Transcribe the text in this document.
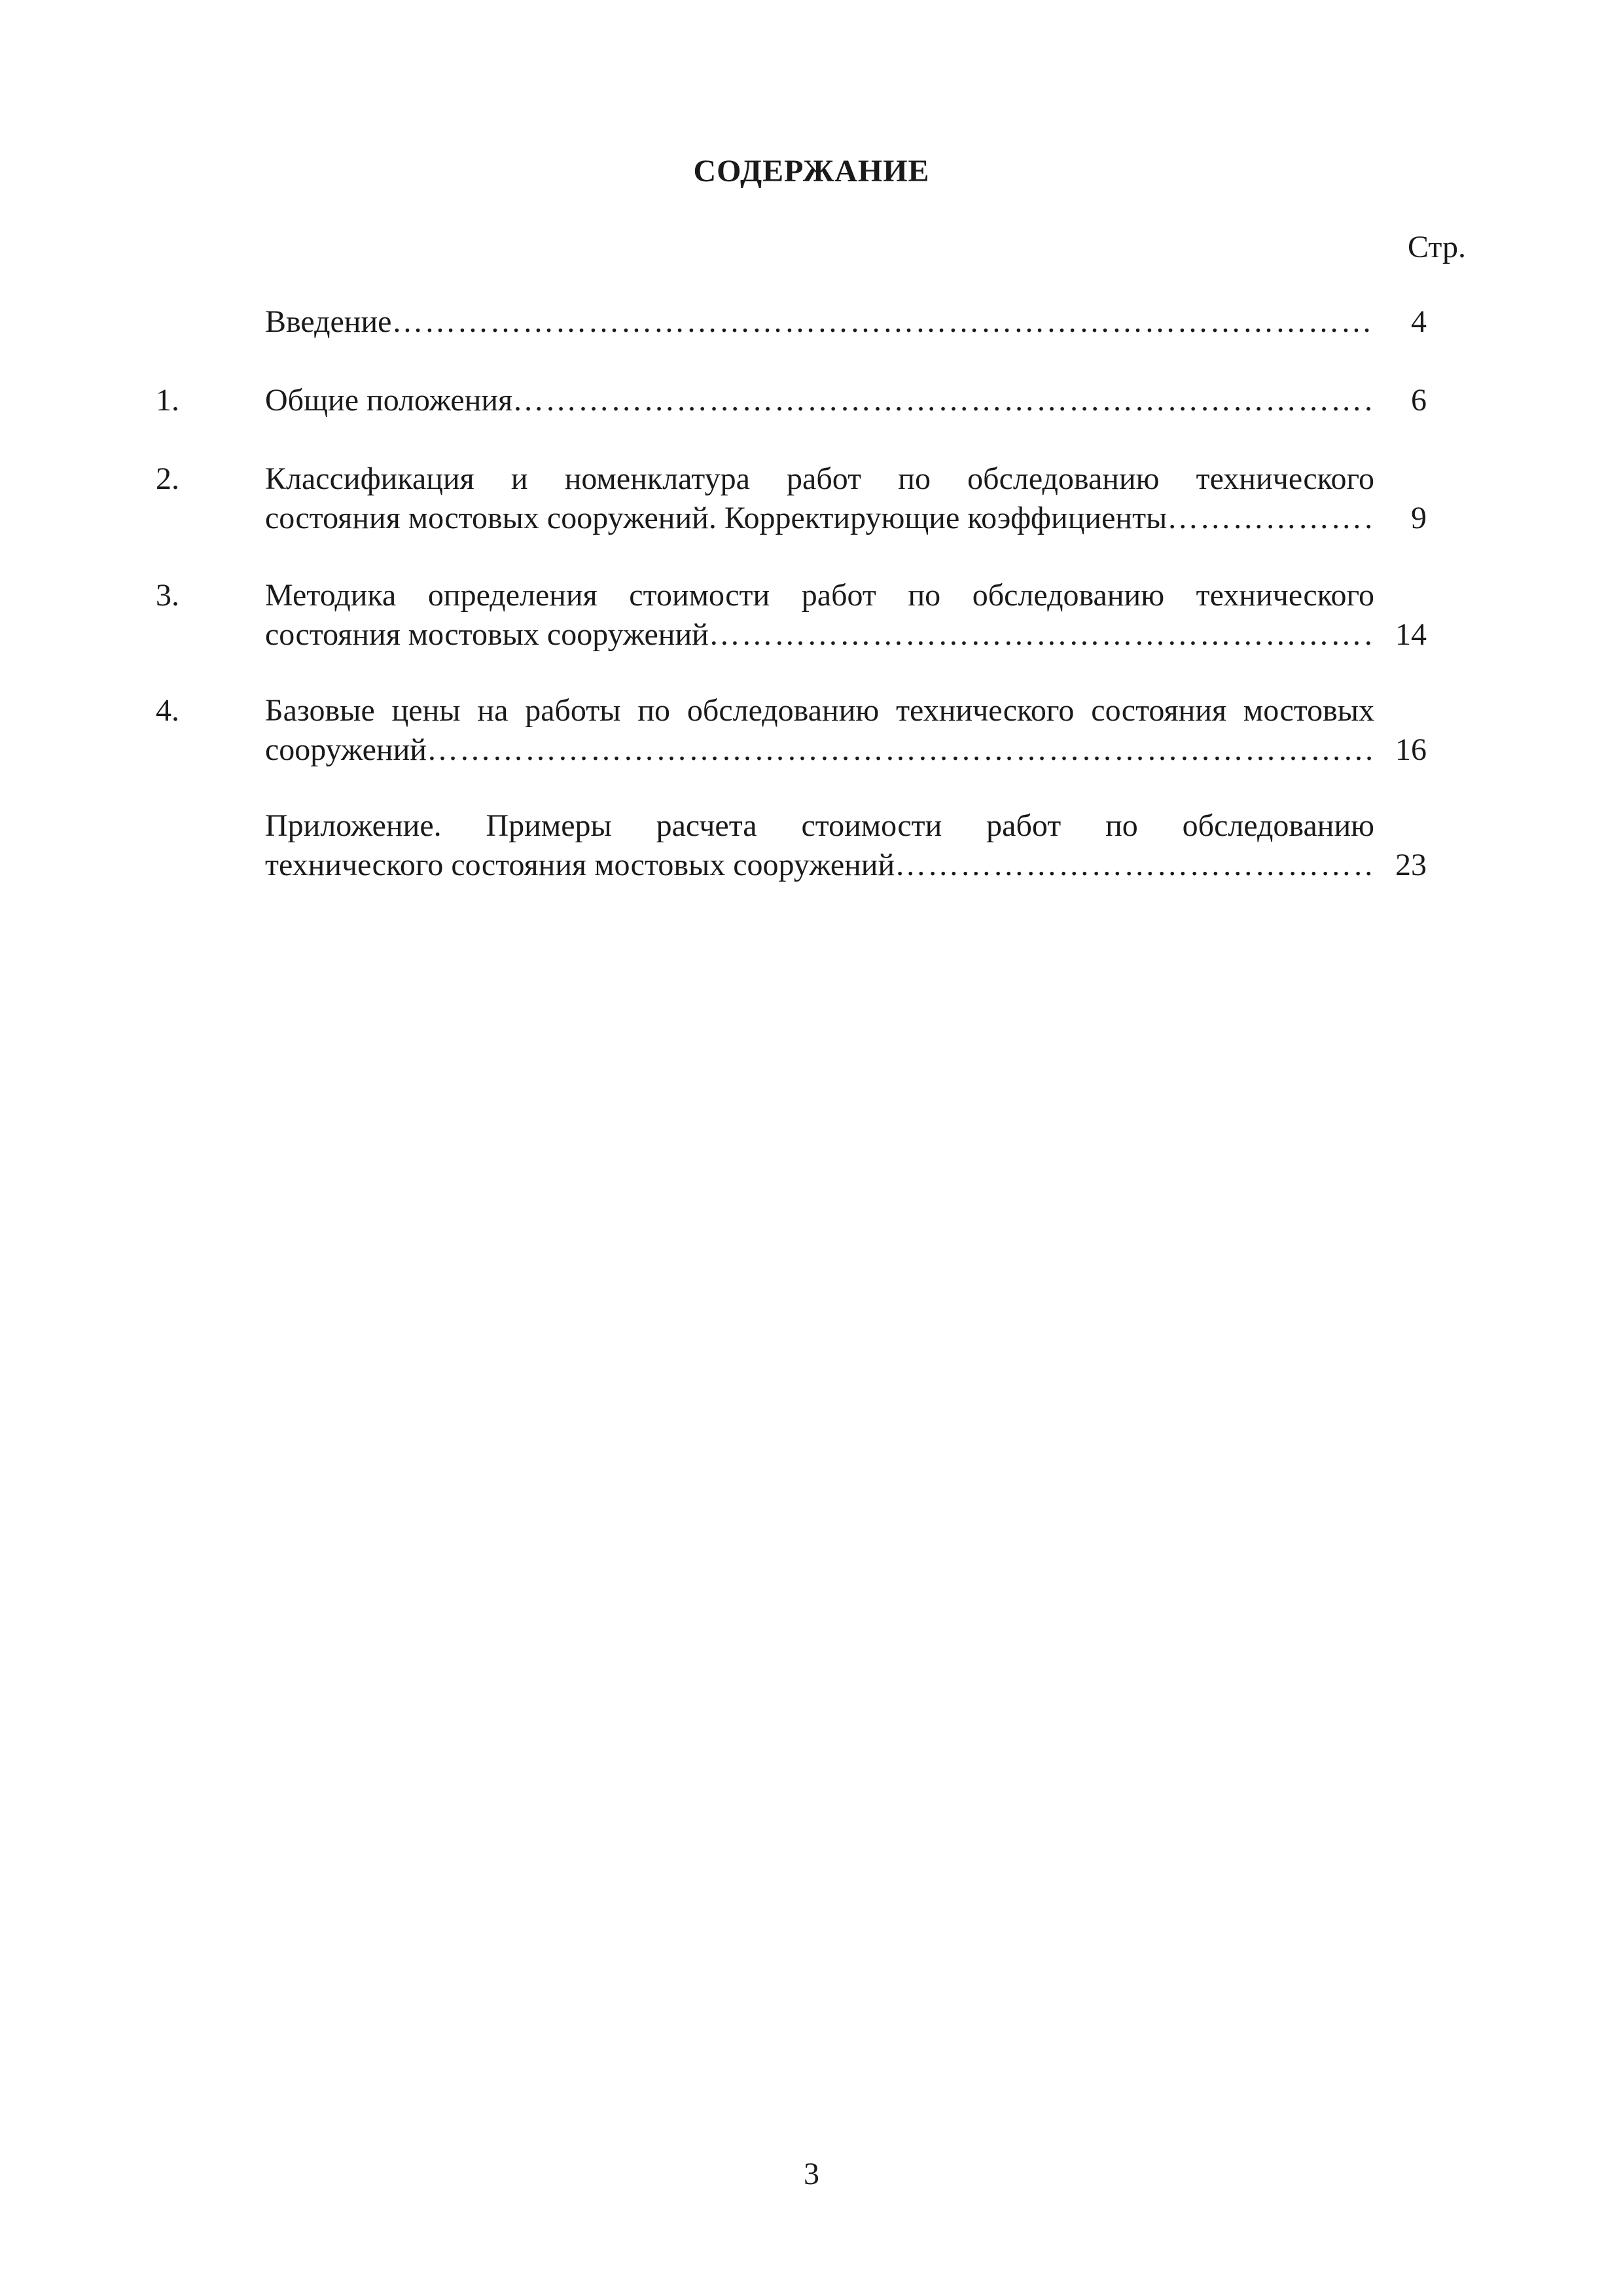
СОДЕРЖАНИЕ
Стр.
Введение ……………………………………………………………………………………………………………………………………………………………………………………………………………………………………	4
1.	Общие положения ……………………………………………………………………………………………………………………………………………………………………………………………………………………………………	6
2.	Классификация и номенклатура работ по обследованию технического
состояния мостовых сооружений. Корректирующие коэффициенты ……………………………………………………………………………………………………………………………………………………………………………………………………………………………………	9
3.	Методика определения стоимости работ по обследованию технического
состояния мостовых сооружений ……………………………………………………………………………………………………………………………………………………………………………………………………………………………………	14
4.	Базовые цены на работы по обследованию технического состояния мостовых
сооружений ……………………………………………………………………………………………………………………………………………………………………………………………………………………………………	16
Приложение. Примеры расчета стоимости работ по обследованию
технического состояния мостовых сооружений ……………………………………………………………………………………………………………………………………………………………………………………………………………………………………	23
3
